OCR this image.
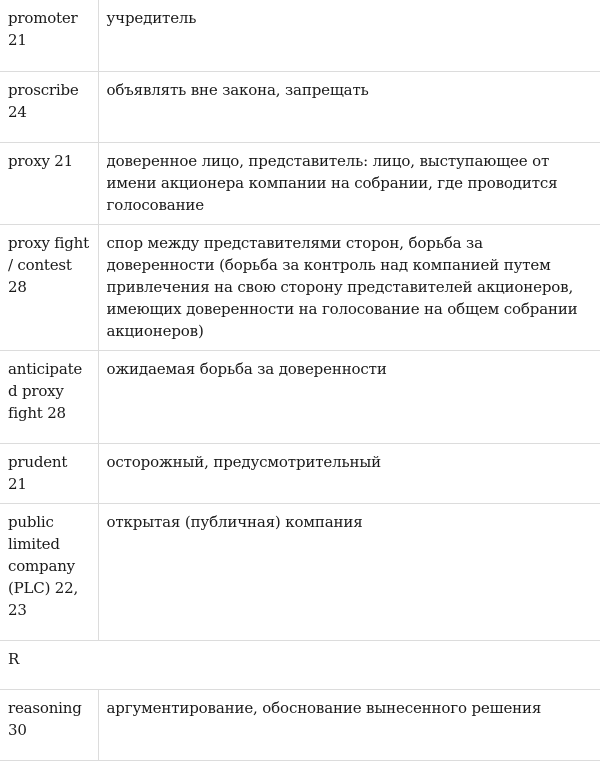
promoter 21	учредитель
proscribe 24	объявлять вне закона, запрещать
proxy 21	доверенное лицо, представитель: лицо, выступающее от имени акционера компании на собрании, где проводится голосование
proxy fight / contest 28	спор между представителями сторон, борьба за доверенности (борьба за контроль над компанией путем привлечения на свою сторону представителей акционеров, имеющих доверенности на голосование на общем собрании акционеров)
anticipated proxy fight 28	ожидаемая борьба за доверенности
prudent 21	осторожный, предусмотрительный
public limited company (PLC) 22, 23	открытая (публичная) компания
R	
reasoning 30	аргументирование, обоснование вынесенного решения
